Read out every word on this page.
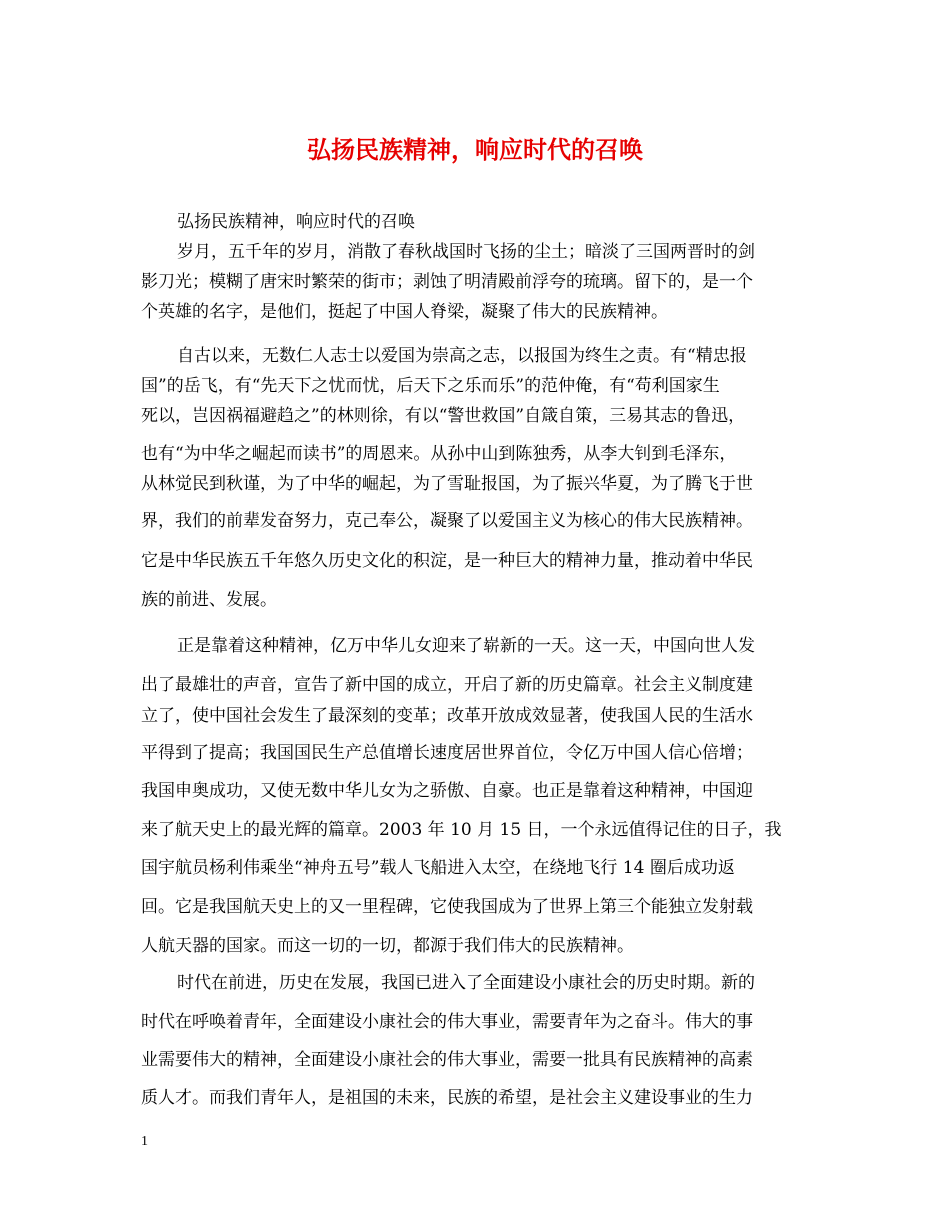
弘扬民族精神，响应时代的召唤

弘扬民族精神，响应时代的召唤

岁月，五千年的岁月，消散了春秋战国时飞扬的尘土；暗淡了三国两晋时的剑

影刀光；模糊了唐宋时繁荣的街市；剥蚀了明清殿前浮夸的琉璃。留下的，是一个

个英雄的名字，是他们，挺起了中国人脊梁，凝聚了伟大的民族精神。

自古以来，无数仁人志士以爱国为崇高之志，以报国为终生之责。有“精忠报

国”的岳飞，有“先天下之忧而忧，后天下之乐而乐”的范仲俺，有“苟利国家生

死以，岂因祸福避趋之”的林则徐，有以“警世救国”自箴自策，三易其志的鲁迅，

也有“为中华之崛起而读书”的周恩来。从孙中山到陈独秀，从李大钊到毛泽东，

从林觉民到秋谨，为了中华的崛起，为了雪耻报国，为了振兴华夏，为了腾飞于世

界，我们的前辈发奋努力，克己奉公，凝聚了以爱国主义为核心的伟大民族精神。

它是中华民族五千年悠久历史文化的积淀，是一种巨大的精神力量，推动着中华民

族的前进、发展。

正是靠着这种精神，亿万中华儿女迎来了崭新的一天。这一天，中国向世人发

出了最雄壮的声音，宣告了新中国的成立，开启了新的历史篇章。社会主义制度建

立了，使中国社会发生了最深刻的变革；改革开放成效显著，使我国人民的生活水

平得到了提高；我国国民生产总值增长速度居世界首位，令亿万中国人信心倍增；

我国申奥成功，又使无数中华儿女为之骄傲、自豪。也正是靠着这种精神，中国迎

来了航天史上的最光辉的篇章。2003 年 10 月 15 日，一个永远值得记住的日子，我

国宇航员杨利伟乘坐“神舟五号”载人飞船进入太空，在绕地飞行 14 圈后成功返

回。它是我国航天史上的又一里程碑，它使我国成为了世界上第三个能独立发射载

人航天器的国家。而这一切的一切，都源于我们伟大的民族精神。

时代在前进，历史在发展，我国已进入了全面建设小康社会的历史时期。新的

时代在呼唤着青年，全面建设小康社会的伟大事业，需要青年为之奋斗。伟大的事

业需要伟大的精神，全面建设小康社会的伟大事业，需要一批具有民族精神的高素

质人才。而我们青年人，是祖国的未来，民族的希望，是社会主义建设事业的生力

1
